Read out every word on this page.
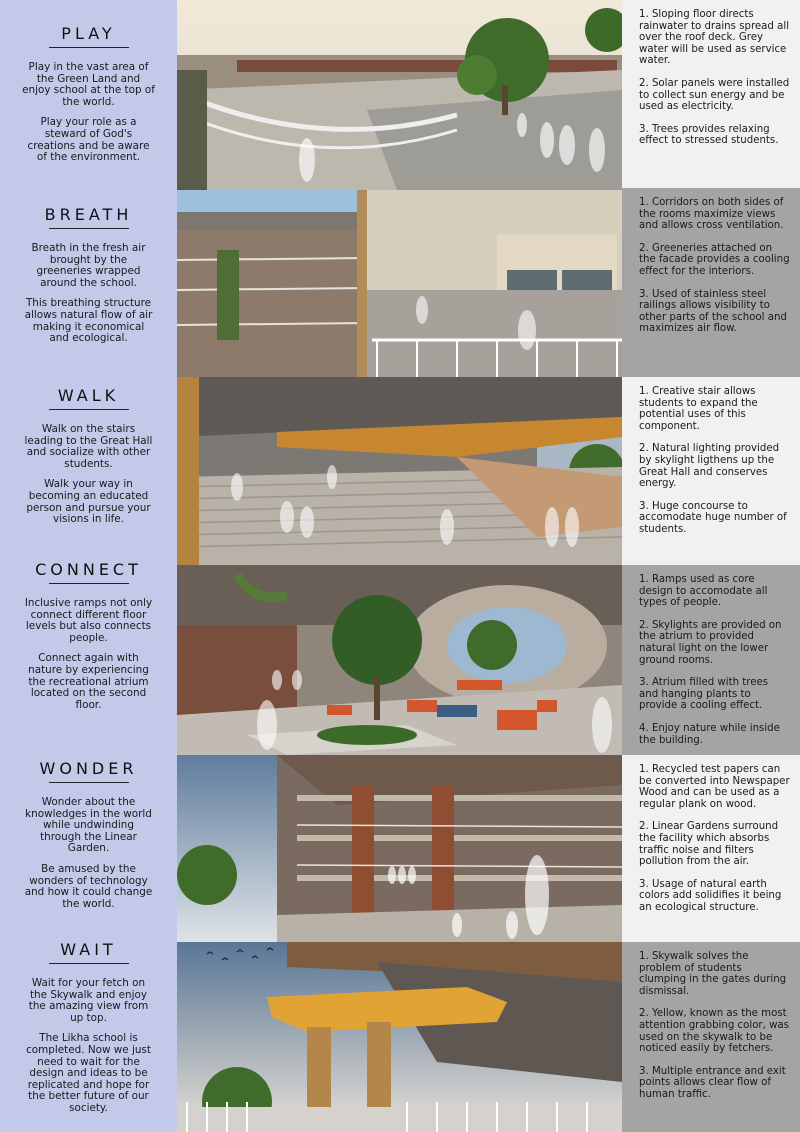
PLAY

Play in the vast area of the Green Land and enjoy school at the top of the world.

Play your role as a steward of God's creations and be aware of the environment.

BREATH

Breath in the fresh air brought by the greeneries wrapped around the school.

This breathing structure allows natural flow of air making it economical and ecological.

WALK

Walk on the stairs leading to the Great Hall and socialize with other students.

Walk your way in becoming an educated person and pursue your visions in life.

CONNECT

Inclusive ramps not only connect different floor levels but also connects people.

Connect again with nature by experiencing the recreational atrium located on the second floor.

WONDER

Wonder about the knowledges in the world while undwinding through the Linear Garden.

Be amused by the wonders of technology and how it could change the world.

WAIT

Wait for your fetch on the Skywalk and enjoy the amazing view from up top.

The Likha school is completed. Now we just need to wait for the design and ideas to be replicated and hope for the better future of our society.

1. Sloping floor directs rainwater to drains spread all over the roof deck. Grey water will be used as service water.

2. Solar panels were installed to collect sun energy and be used as electricity.

3. Trees provides relaxing effect to stressed students.

1. Corridors on both sides of the rooms maximize views and allows cross ventilation.

2. Greeneries attached on the facade provides a cooling effect for the interiors.

3. Used of stainless steel railings allows visibility to other parts of the school and maximizes air flow.

1. Creative stair allows students to expand the potential uses of this component.

2. Natural lighting provided by skylight ligthens up the Great Hall and conserves energy.

3. Huge concourse to accomodate huge number of students.

1. Ramps used as core design to accomodate all types of people.

2. Skylights are provided on the atrium to provided natural light on the lower ground rooms.

3. Atrium filled with trees and hanging plants to provide a cooling effect.

4. Enjoy nature while inside the building.

1. Recycled test papers can be converted into Newspaper Wood and can be used as a regular plank on wood.

2. Linear Gardens surround the facility which absorbs traffic noise and filters pollution from the air.

3. Usage of natural earth colors add solidifies it being an ecological structure.

1. Skywalk solves the problem of students clumping in the gates during dismissal.

2. Yellow, known as the most attention grabbing color, was used on the skywalk to be noticed easily by fetchers.

3. Multiple entrance and exit points allows clear flow of human traffic.
